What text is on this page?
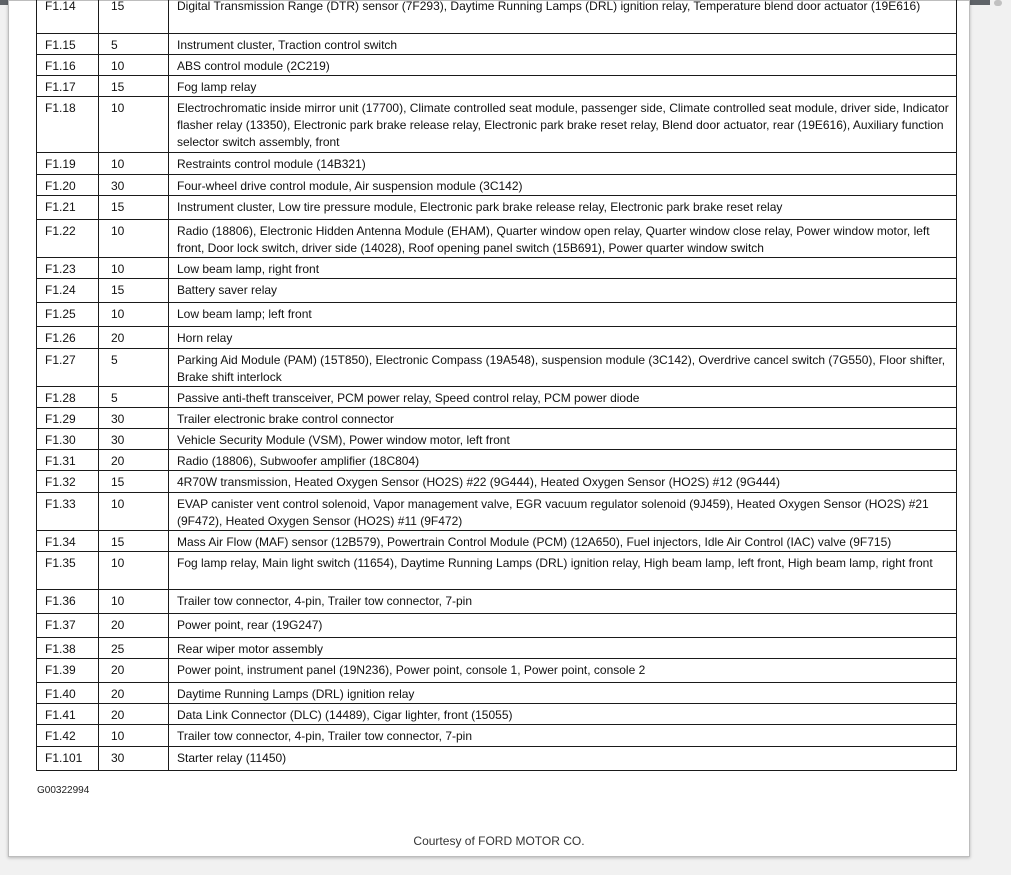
F1.14	15	Digital Transmission Range (DTR) sensor (7F293), Daytime Running Lamps (DRL) ignition relay, Temperature blend door actuator (19E616)
F1.15	5	Instrument cluster, Traction control switch
F1.16	10	ABS control module (2C219)
F1.17	15	Fog lamp relay
F1.18	10	Electrochromatic inside mirror unit (17700), Climate controlled seat module, passenger side, Climate controlled seat module, driver side, Indicator flasher relay (13350), Electronic park brake release relay, Electronic park brake reset relay, Blend door actuator, rear (19E616), Auxiliary function selector switch assembly, front
F1.19	10	Restraints control module (14B321)
F1.20	30	Four-wheel drive control module, Air suspension module (3C142)
F1.21	15	Instrument cluster, Low tire pressure module, Electronic park brake release relay, Electronic park brake reset relay
F1.22	10	Radio (18806), Electronic Hidden Antenna Module (EHAM), Quarter window open relay, Quarter window close relay, Power window motor, left front, Door lock switch, driver side (14028), Roof opening panel switch (15B691), Power quarter window switch
F1.23	10	Low beam lamp, right front
F1.24	15	Battery saver relay
F1.25	10	Low beam lamp; left front
F1.26	20	Horn relay
F1.27	5	Parking Aid Module (PAM) (15T850), Electronic Compass (19A548), suspension module (3C142), Overdrive cancel switch (7G550), Floor shifter, Brake shift interlock
F1.28	5	Passive anti-theft transceiver, PCM power relay, Speed control relay, PCM power diode
F1.29	30	Trailer electronic brake control connector
F1.30	30	Vehicle Security Module (VSM), Power window motor, left front
F1.31	20	Radio (18806), Subwoofer amplifier (18C804)
F1.32	15	4R70W transmission, Heated Oxygen Sensor (HO2S) #22 (9G444), Heated Oxygen Sensor (HO2S) #12 (9G444)
F1.33	10	EVAP canister vent control solenoid, Vapor management valve, EGR vacuum regulator solenoid (9J459), Heated Oxygen Sensor (HO2S) #21 (9F472), Heated Oxygen Sensor (HO2S) #11 (9F472)
F1.34	15	Mass Air Flow (MAF) sensor (12B579), Powertrain Control Module (PCM) (12A650), Fuel injectors, Idle Air Control (IAC) valve (9F715)
F1.35	10	Fog lamp relay, Main light switch (11654), Daytime Running Lamps (DRL) ignition relay, High beam lamp, left front, High beam lamp, right front
F1.36	10	Trailer tow connector, 4-pin, Trailer tow connector, 7-pin
F1.37	20	Power point, rear (19G247)
F1.38	25	Rear wiper motor assembly
F1.39	20	Power point, instrument panel (19N236), Power point, console 1, Power point, console 2
F1.40	20	Daytime Running Lamps (DRL) ignition relay
F1.41	20	Data Link Connector (DLC) (14489), Cigar lighter, front (15055)
F1.42	10	Trailer tow connector, 4-pin, Trailer tow connector, 7-pin
F1.101	30	Starter relay (11450)
G00322994
Courtesy of FORD MOTOR CO.
